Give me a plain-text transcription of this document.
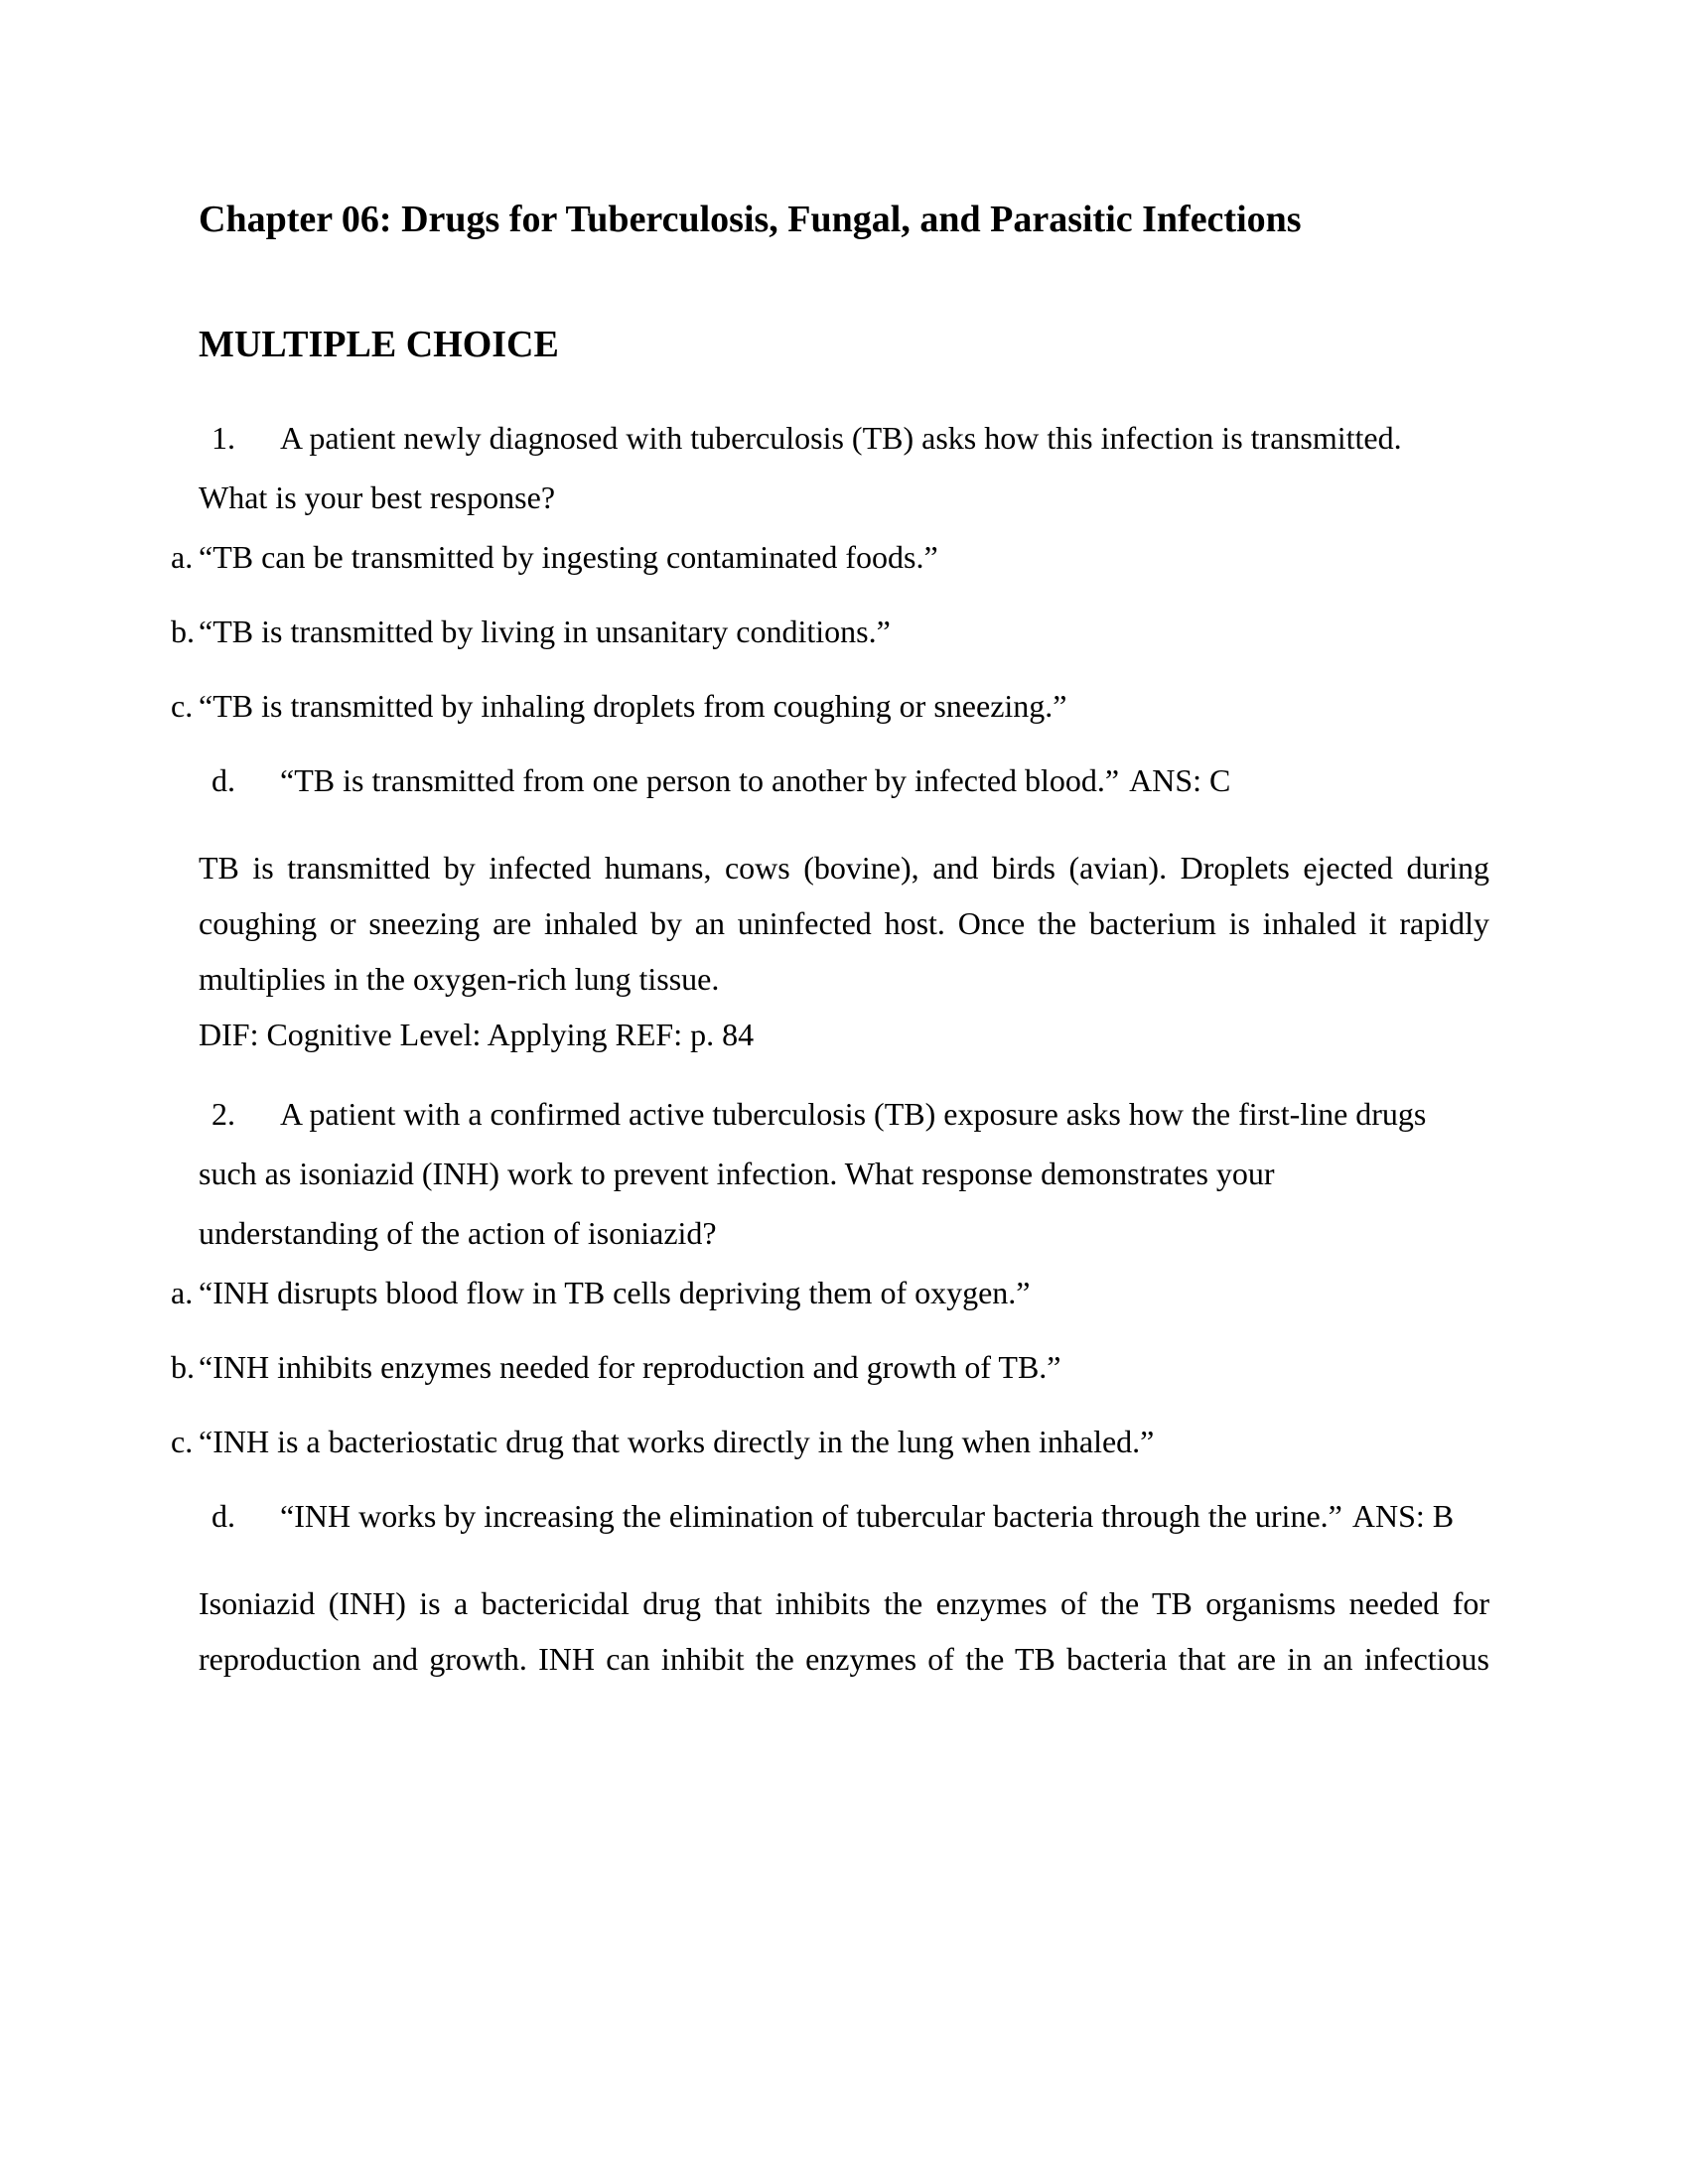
Chapter 06: Drugs for Tuberculosis, Fungal, and Parasitic Infections
MULTIPLE CHOICE
1. A patient newly diagnosed with tuberculosis (TB) asks how this infection is transmitted.
What is your best response?
a. “TB can be transmitted by ingesting contaminated foods.”
b. “TB is transmitted by living in unsanitary conditions.”
c. “TB is transmitted by inhaling droplets from coughing or sneezing.”
d. “TB is transmitted from one person to another by infected blood.” ANS: C
TB is transmitted by infected humans, cows (bovine), and birds (avian). Droplets ejected during
coughing or sneezing are inhaled by an uninfected host. Once the bacterium is inhaled it rapidly
multiplies in the oxygen-rich lung tissue.
DIF: Cognitive Level: Applying REF: p. 84
2. A patient with a confirmed active tuberculosis (TB) exposure asks how the first-line drugs
such as isoniazid (INH) work to prevent infection. What response demonstrates your
understanding of the action of isoniazid?
a. “INH disrupts blood flow in TB cells depriving them of oxygen.”
b. “INH inhibits enzymes needed for reproduction and growth of TB.”
c. “INH is a bacteriostatic drug that works directly in the lung when inhaled.”
d. “INH works by increasing the elimination of tubercular bacteria through the urine.” ANS: B
Isoniazid (INH) is a bactericidal drug that inhibits the enzymes of the TB organisms needed for
reproduction and growth. INH can inhibit the enzymes of the TB bacteria that are in an infectious
